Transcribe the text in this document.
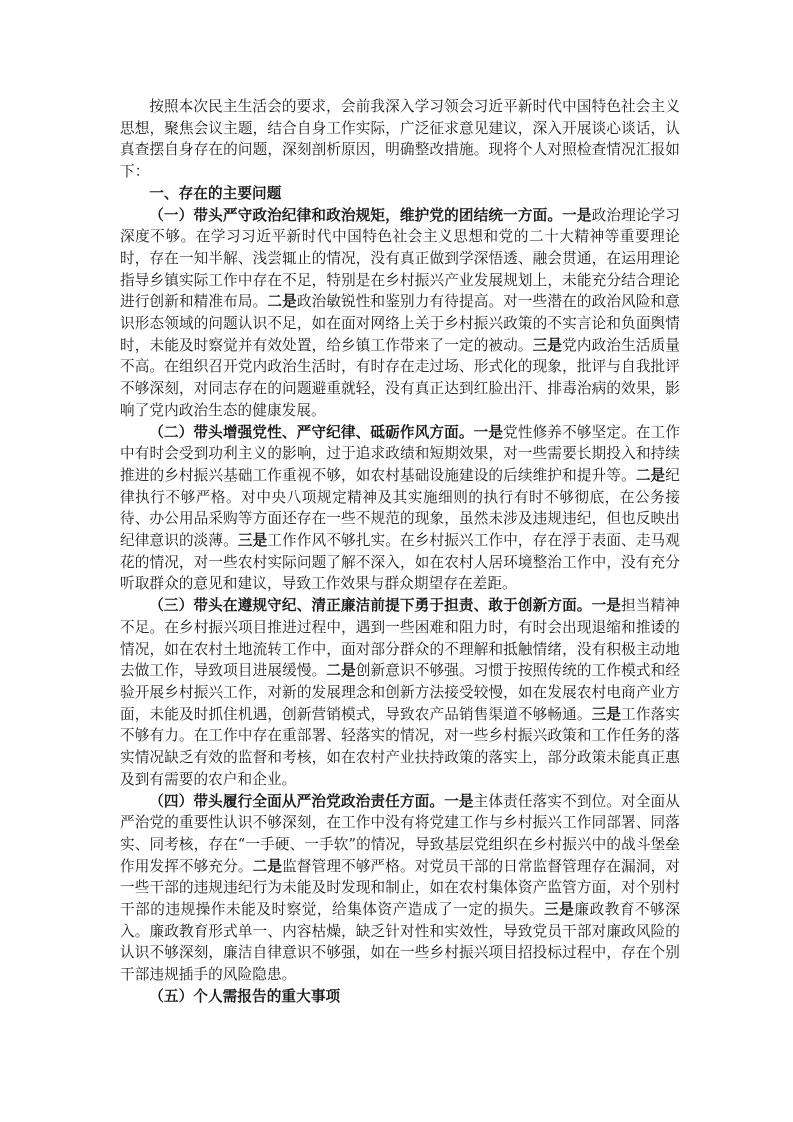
按照本次民主生活会的要求，会前我深入学习领会习近平新时代中国特色社会主义思想，聚焦会议主题，结合自身工作实际，广泛征求意见建议，深入开展谈心谈话，认真查摆自身存在的问题，深刻剖析原因，明确整改措施。现将个人对照检查情况汇报如下：

一、存在的主要问题

（一）带头严守政治纪律和政治规矩，维护党的团结统一方面。一是政治理论学习深度不够。在学习习近平新时代中国特色社会主义思想和党的二十大精神等重要理论时，存在一知半解、浅尝辄止的情况，没有真正做到学深悟透、融会贯通，在运用理论指导乡镇实际工作中存在不足，特别是在乡村振兴产业发展规划上，未能充分结合理论进行创新和精准布局。二是政治敏锐性和鉴别力有待提高。对一些潜在的政治风险和意识形态领域的问题认识不足，如在面对网络上关于乡村振兴政策的不实言论和负面舆情时，未能及时察觉并有效处置，给乡镇工作带来了一定的被动。三是党内政治生活质量不高。在组织召开党内政治生活时，有时存在走过场、形式化的现象，批评与自我批评不够深刻，对同志存在的问题避重就轻，没有真正达到红脸出汗、排毒治病的效果，影响了党内政治生态的健康发展。

（二）带头增强党性、严守纪律、砥砺作风方面。一是党性修养不够坚定。在工作中有时会受到功利主义的影响，过于追求政绩和短期效果，对一些需要长期投入和持续推进的乡村振兴基础工作重视不够，如农村基础设施建设的后续维护和提升等。二是纪律执行不够严格。对中央八项规定精神及其实施细则的执行有时不够彻底，在公务接待、办公用品采购等方面还存在一些不规范的现象，虽然未涉及违规违纪，但也反映出纪律意识的淡薄。三是工作作风不够扎实。在乡村振兴工作中，存在浮于表面、走马观花的情况，对一些农村实际问题了解不深入，如在农村人居环境整治工作中，没有充分听取群众的意见和建议，导致工作效果与群众期望存在差距。

（三）带头在遵规守纪、清正廉洁前提下勇于担责、敢于创新方面。一是担当精神不足。在乡村振兴项目推进过程中，遇到一些困难和阻力时，有时会出现退缩和推诿的情况，如在农村土地流转工作中，面对部分群众的不理解和抵触情绪，没有积极主动地去做工作，导致项目进展缓慢。二是创新意识不够强。习惯于按照传统的工作模式和经验开展乡村振兴工作，对新的发展理念和创新方法接受较慢，如在发展农村电商产业方面，未能及时抓住机遇，创新营销模式，导致农产品销售渠道不够畅通。三是工作落实不够有力。在工作中存在重部署、轻落实的情况，对一些乡村振兴政策和工作任务的落实情况缺乏有效的监督和考核，如在农村产业扶持政策的落实上，部分政策未能真正惠及到有需要的农户和企业。

（四）带头履行全面从严治党政治责任方面。一是主体责任落实不到位。对全面从严治党的重要性认识不够深刻，在工作中没有将党建工作与乡村振兴工作同部署、同落实、同考核，存在“一手硬、一手软”的情况，导致基层党组织在乡村振兴中的战斗堡垒作用发挥不够充分。二是监督管理不够严格。对党员干部的日常监督管理存在漏洞，对一些干部的违规违纪行为未能及时发现和制止，如在农村集体资产监管方面，对个别村干部的违规操作未能及时察觉，给集体资产造成了一定的损失。三是廉政教育不够深入。廉政教育形式单一、内容枯燥，缺乏针对性和实效性，导致党员干部对廉政风险的认识不够深刻，廉洁自律意识不够强，如在一些乡村振兴项目招投标过程中，存在个别干部违规插手的风险隐患。

（五）个人需报告的重大事项
